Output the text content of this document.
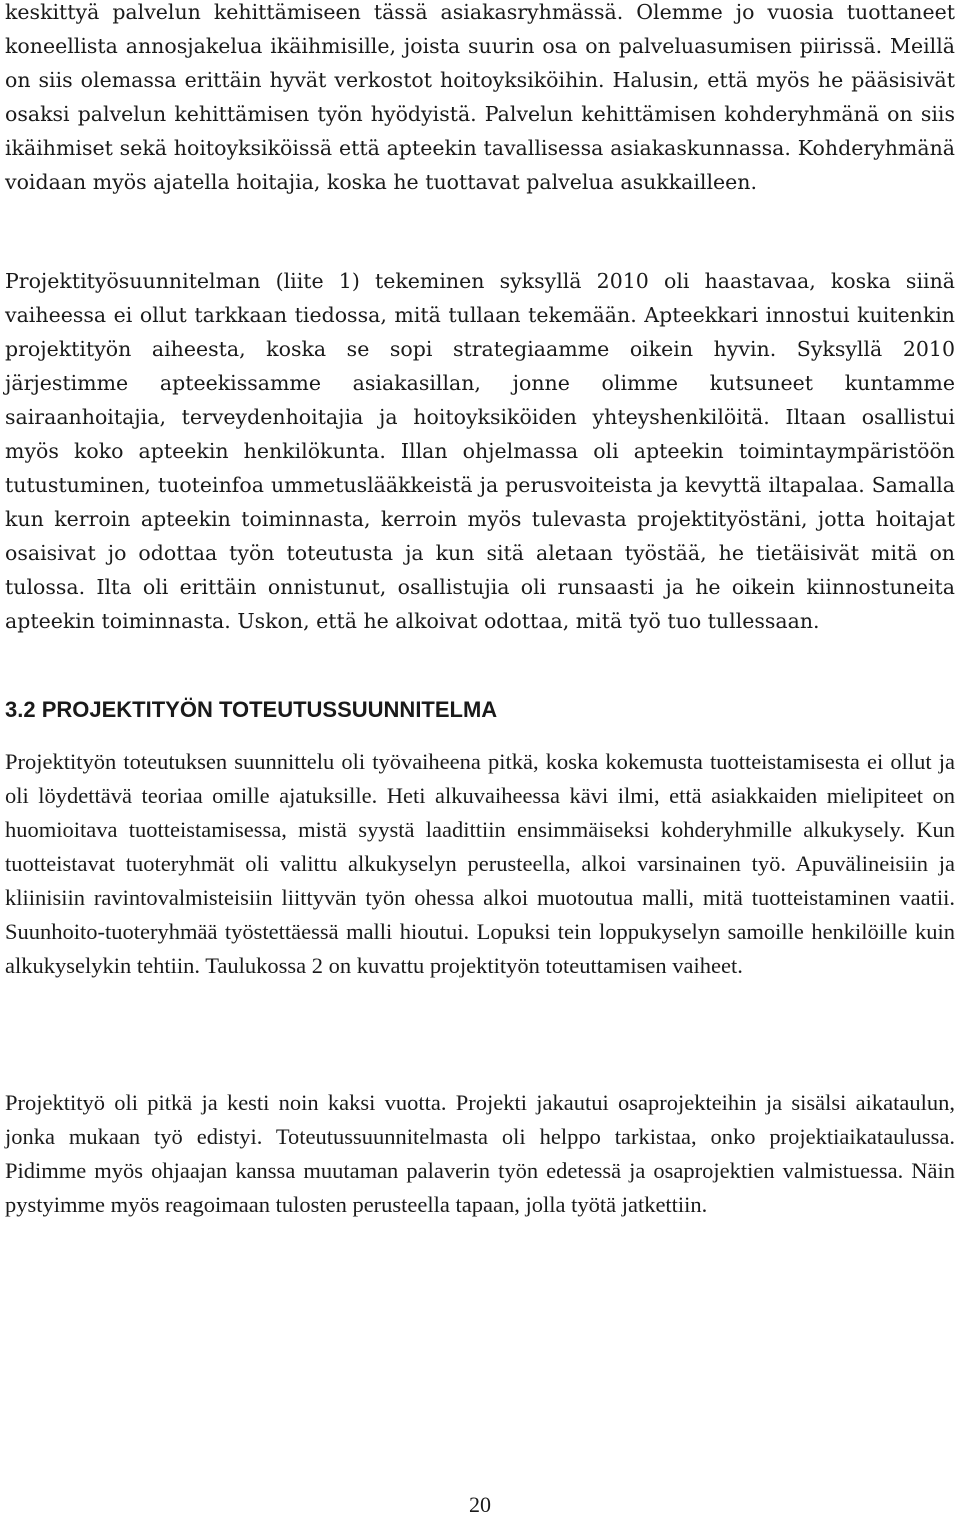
keskittyä palvelun kehittämiseen tässä asiakasryhmässä. Olemme jo vuosia tuottaneet koneellista annosjakelua ikäihmisille, joista suurin osa on palveluasumisen piirissä. Meillä on siis olemassa erittäin hyvät verkostot hoitoyksiköihin. Halusin, että myös he pääsisivät osaksi palvelun kehittämisen työn hyödyistä. Palvelun kehittämisen kohderyhmänä on siis ikäihmiset sekä hoitoyksiköissä että apteekin tavallisessa asiakaskunnassa. Kohderyhmänä voidaan myös ajatella hoitajia, koska he tuottavat palvelua asukkailleen.

Projektityösuunnitelman (liite 1) tekeminen syksyllä 2010 oli haastavaa, koska siinä vaiheessa ei ollut tarkkaan tiedossa, mitä tullaan tekemään. Apteekkari innostui kuitenkin projektityön aiheesta, koska se sopi strategiaamme oikein hyvin. Syksyllä 2010 järjestimme apteekissamme asiakasillan, jonne olimme kutsuneet kuntamme sairaanhoitajia, terveydenhoitajia ja hoitoyksiköiden yhteyshenkilöitä. Iltaan osallistui myös koko apteekin henkilökunta. Illan ohjelmassa oli apteekin toimintaympäristöön tutustuminen, tuoteinfoa ummetuslääkkeistä ja perusvoiteista ja kevyttä iltapalaa. Samalla kun kerroin apteekin toiminnasta, kerroin myös tulevasta projektityöstäni, jotta hoitajat osaisivat jo odottaa työn toteutusta ja kun sitä aletaan työstää, he tietäisivät mitä on tulossa. Ilta oli erittäin onnistunut, osallistujia oli runsaasti ja he oikein kiinnostuneita apteekin toiminnasta. Uskon, että he alkoivat odottaa, mitä työ tuo tullessaan.

3.2 PROJEKTITYÖN TOTEUTUSSUUNNITELMA

Projektityön toteutuksen suunnittelu oli työvaiheena pitkä, koska kokemusta tuotteistamisesta ei ollut ja oli löydettävä teoriaa omille ajatuksille. Heti alkuvaiheessa kävi ilmi, että asiakkaiden mielipiteet on huomioitava tuotteistamisessa, mistä syystä laadittiin ensimmäiseksi kohderyhmille alkukysely. Kun tuotteistavat tuoteryhmät oli valittu alkukyselyn perusteella, alkoi varsinainen työ. Apuvälineisiin ja kliinisiin ravintovalmisteisiin liittyvän työn ohessa alkoi muotoutua malli, mitä tuotteistaminen vaatii. Suunhoito-tuoteryhmää työstettäessä malli hioutui. Lopuksi tein loppukyselyn samoille henkilöille kuin alkukyselykin tehtiin. Taulukossa 2 on kuvattu projektityön toteuttamisen vaiheet.

Projektityö oli pitkä ja kesti noin kaksi vuotta. Projekti jakautui osaprojekteihin ja sisälsi aikataulun, jonka mukaan työ edistyi. Toteutussuunnitelmasta oli helppo tarkistaa, onko projektiaikataulussa. Pidimme myös ohjaajan kanssa muutaman palaverin työn edetessä ja osaprojektien valmistuessa. Näin pystyimme myös reagoimaan tulosten perusteella tapaan, jolla työtä jatkettiin.

20
